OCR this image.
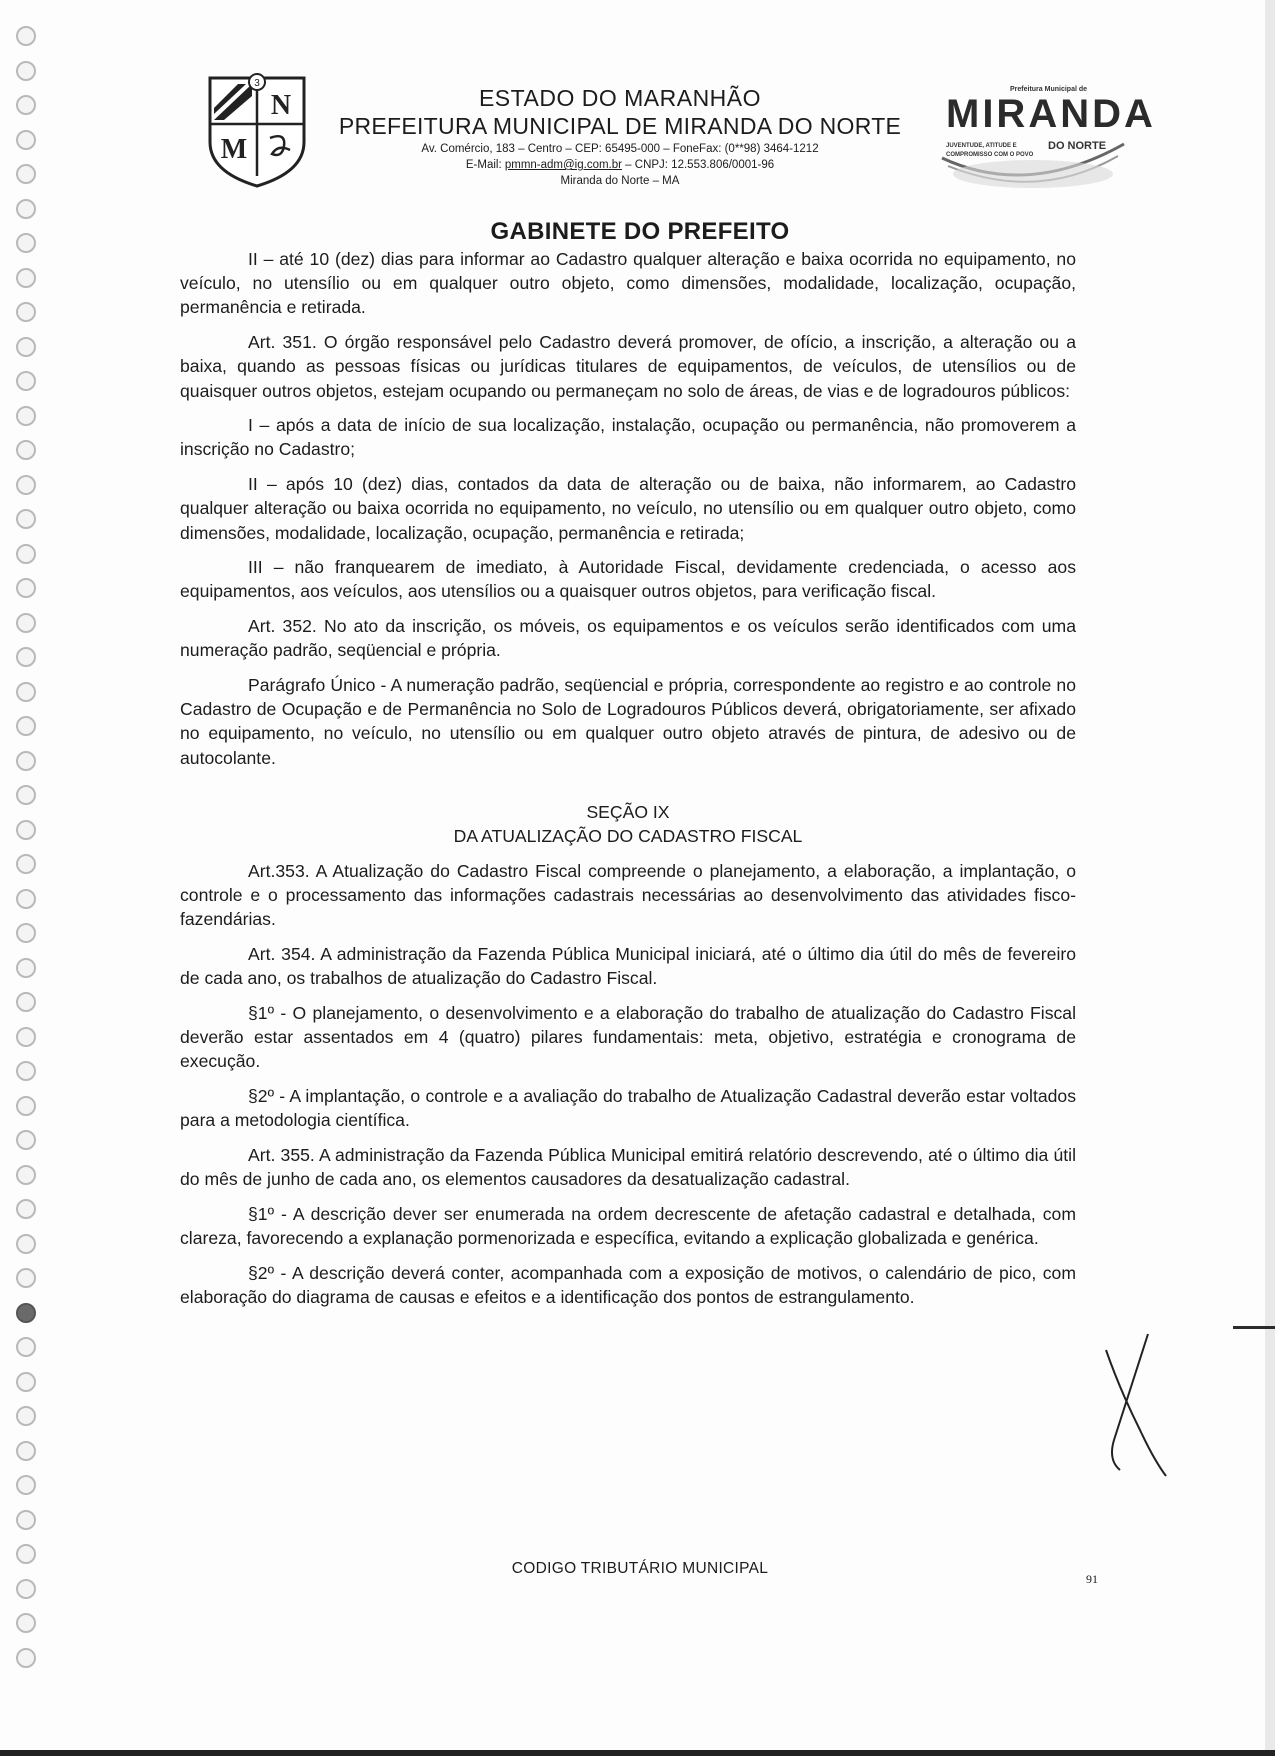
3
N
M
ESTADO DO MARANHÃO
PREFEITURA MUNICIPAL DE MIRANDA DO NORTE
Av. Comércio, 183 – Centro – CEP: 65495-000 – FoneFax: (0**98) 3464-1212
E-Mail: pmmn-adm@ig.com.br – CNPJ: 12.553.806/0001-96
Miranda do Norte – MA
Prefeitura Municipal de
MIRANDA
DO NORTE
JUVENTUDE, ATITUDE E COMPROMISSO COM O POVO
GABINETE DO PREFEITO

II – até 10 (dez) dias para informar ao Cadastro qualquer alteração e baixa ocorrida no equipamento, no veículo, no utensílio ou em qualquer outro objeto, como dimensões, modalidade, localização, ocupação, permanência e retirada.

Art. 351. O órgão responsável pelo Cadastro deverá promover, de ofício, a inscrição, a alteração ou a baixa, quando as pessoas físicas ou jurídicas titulares de equipamentos, de veículos, de utensílios ou de quaisquer outros objetos, estejam ocupando ou permaneçam no solo de áreas, de vias e de logradouros públicos:

I – após a data de início de sua localização, instalação, ocupação ou permanência, não promoverem a inscrição no Cadastro;

II – após 10 (dez) dias, contados da data de alteração ou de baixa, não informarem, ao Cadastro qualquer alteração ou baixa ocorrida no equipamento, no veículo, no utensílio ou em qualquer outro objeto, como dimensões, modalidade, localização, ocupação, permanência e retirada;

III – não franquearem de imediato, à Autoridade Fiscal, devidamente credenciada, o acesso aos equipamentos, aos veículos, aos utensílios ou a quaisquer outros objetos, para verificação fiscal.

Art. 352. No ato da inscrição, os móveis, os equipamentos e os veículos serão identificados com uma numeração padrão, seqüencial e própria.

Parágrafo Único - A numeração padrão, seqüencial e própria, correspondente ao registro e ao controle no Cadastro de Ocupação e de Permanência no Solo de Logradouros Públicos deverá, obrigatoriamente, ser afixado no equipamento, no veículo, no utensílio ou em qualquer outro objeto através de pintura, de adesivo ou de autocolante.

SEÇÃO IX

DA ATUALIZAÇÃO DO CADASTRO FISCAL

Art.353. A Atualização do Cadastro Fiscal compreende o planejamento, a elaboração, a implantação, o controle e o processamento das informações cadastrais necessárias ao desenvolvimento das atividades fisco-fazendárias.

Art. 354. A administração da Fazenda Pública Municipal iniciará, até o último dia útil do mês de fevereiro de cada ano, os trabalhos de atualização do Cadastro Fiscal.

§1º - O planejamento, o desenvolvimento e a elaboração do trabalho de atualização do Cadastro Fiscal deverão estar assentados em 4 (quatro) pilares fundamentais: meta, objetivo, estratégia e cronograma de execução.

§2º - A implantação, o controle e a avaliação do trabalho de Atualização Cadastral deverão estar voltados para a metodologia científica.

Art. 355. A administração da Fazenda Pública Municipal emitirá relatório descrevendo, até o último dia útil do mês de junho de cada ano, os elementos causadores da desatualização cadastral.

§1º - A descrição dever ser enumerada na ordem decrescente de afetação cadastral e detalhada, com clareza, favorecendo a explanação pormenorizada e específica, evitando a explicação globalizada e genérica.

§2º - A descrição deverá conter, acompanhada com a exposição de motivos, o calendário de pico, com elaboração do diagrama de causas e efeitos e a identificação dos pontos de estrangulamento.

CODIGO TRIBUTÁRIO MUNICIPAL
91
